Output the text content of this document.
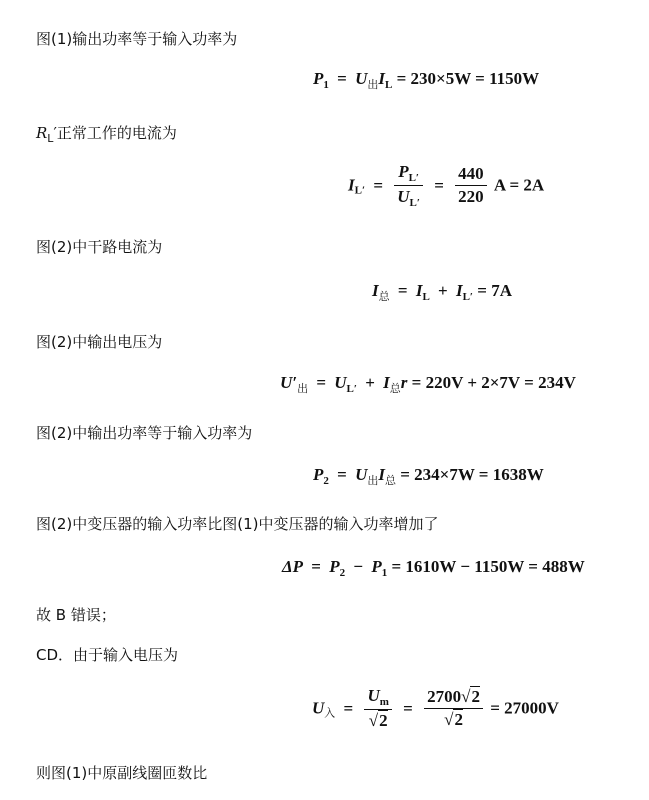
图(1)输出功率等于输入功率为
$P_1 = U_出I_L = 230\times 5W = 1150W$
$R_L'$正常工作的电流为
$I_{L'} = \frac{P_{L'}}{U_{L'}} = \frac{440}{220}$ A = 2A
图(2)中干路电流为
$I_总 = I_L + I_{L'} = 7A$
图(2)中输出电压为
$U'_出 = U_{L'} + I_总r = 220V + 2\times 7V = 234V$
图(2)中输出功率等于输入功率为
$P_2 = U_出I_总 = 234\times 7W = 1638W$
图(2)中变压器的输入功率比图(1)中变压器的输入功率增加了
$\Delta P = P_2 - P_1 = 1610W - 1150W = 488W$
故 B 错误；
CD．由于输入电压为
$U_入 = \frac{U_m}{√2} = \frac{2700√2}{√2} = 27000V$
则图(1)中原副线圈匝数比
